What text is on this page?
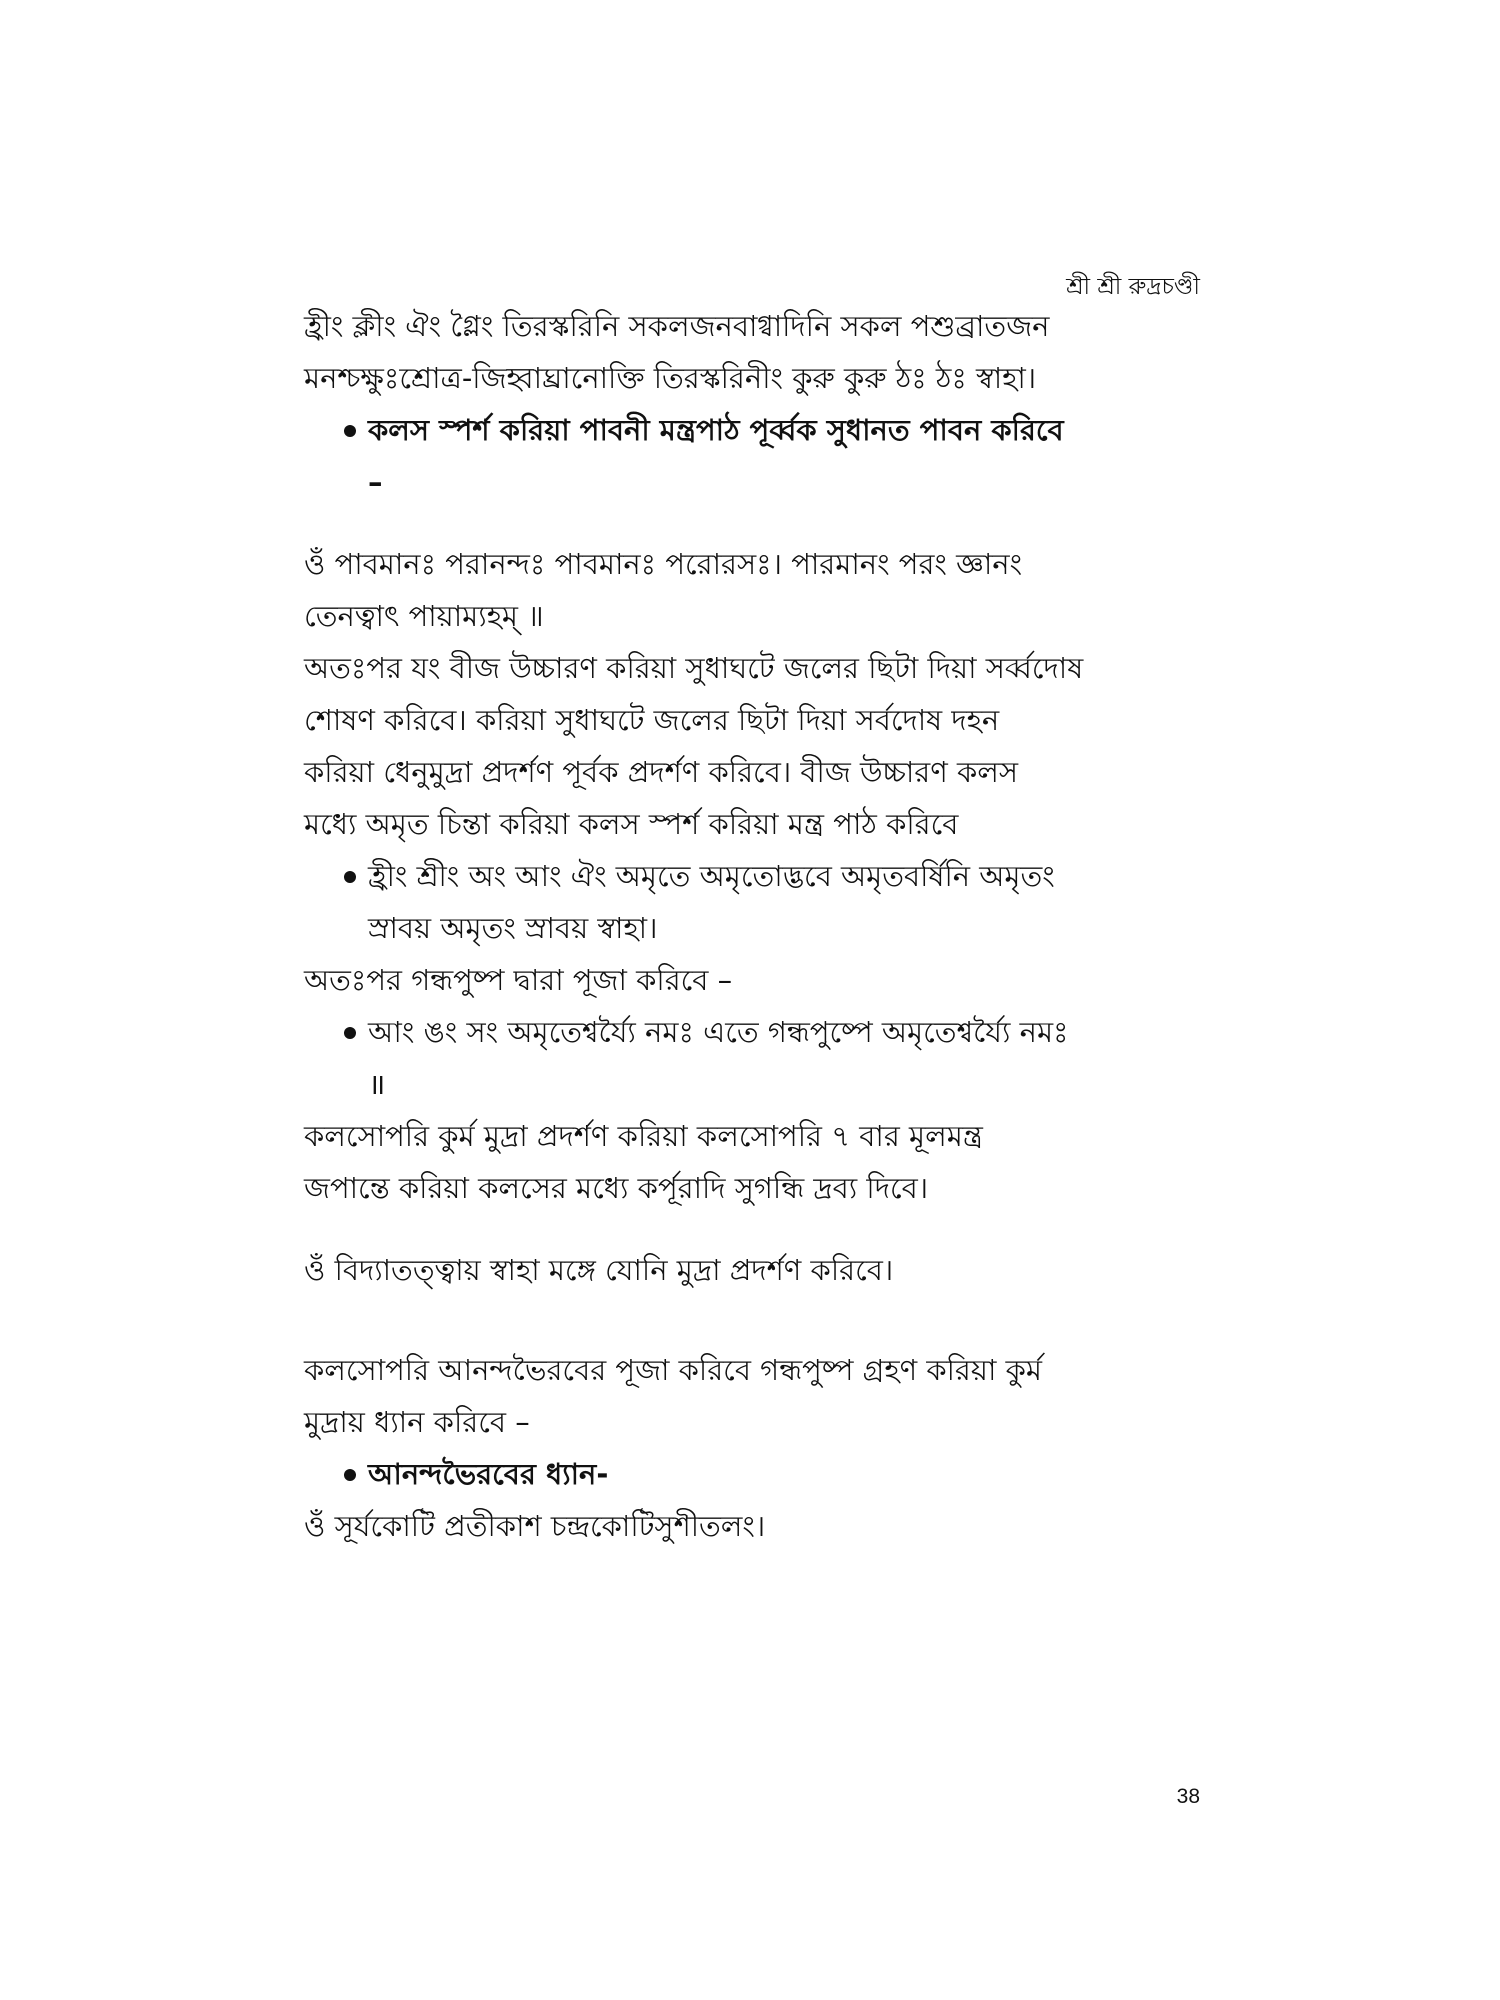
শ্রী শ্রী রুদ্রচণ্ডী

হ্রীং ক্লীং ঐং গ্লৈং তিরস্করিনি সকলজনবাগ্বাদিনি সকল পশুব্রাতজন

মনশ্চক্ষুঃশ্রোত্র-জিহ্বাঘ্রানোক্তি তিরস্করিনীং কুরু কুরু ঠঃ ঠঃ স্বাহা।

কলস স্পর্শ করিয়া পাবনী মন্ত্রপাঠ পূর্ব্বক সুধানত পাবন করিবে

–

ওঁ পাবমানঃ পরানন্দঃ পাবমানঃ পরোরসঃ। পারমানং পরং জ্ঞানং

তেনত্বাৎ পায়াম্যহম্ ॥

অতঃপর যং বীজ উচ্চারণ করিয়া সুধাঘটে জলের ছিটা দিয়া সর্ব্বদোষ

শোষণ করিবে। করিয়া সুধাঘটে জলের ছিটা দিয়া সর্বদোষ দহন

করিয়া ধেনুমুদ্রা প্রদর্শণ পূর্বক প্রদর্শণ করিবে। বীজ উচ্চারণ কলস

মধ্যে অমৃত চিন্তা করিয়া কলস স্পর্শ করিয়া মন্ত্র পাঠ করিবে

হ্রীং শ্রীং অং আং ঐং অমৃতে অমৃতোদ্ভবে অমৃতবর্ষিনি অমৃতং

স্রাবয় অমৃতং স্রাবয় স্বাহা।

অতঃপর গন্ধপুষ্প দ্বারা পূজা করিবে –

আং ঙং সং অমৃতেশ্বর্য্যৈ নমঃ এতে গন্ধপুষ্পে অমৃতেশ্বর্য্যৈ নমঃ

॥

কলসোপরি কুর্ম মুদ্রা প্রদর্শণ করিয়া কলসোপরি ৭ বার মূলমন্ত্র

জপান্তে করিয়া কলসের মধ্যে কর্পূরাদি সুগন্ধি দ্রব্য দিবে।

ওঁ বিদ্যাতত্ত্বায় স্বাহা মঙ্গে যোনি মুদ্রা প্রদর্শণ করিবে।

কলসোপরি আনন্দভৈরবের পূজা করিবে গন্ধপুষ্প গ্রহণ করিয়া কুর্ম

মুদ্রায় ধ্যান করিবে –

আনন্দভৈরবের ধ্যান-

ওঁ সূর্যকোটি প্রতীকাশ চন্দ্রকোটিসুশীতলং।

38
